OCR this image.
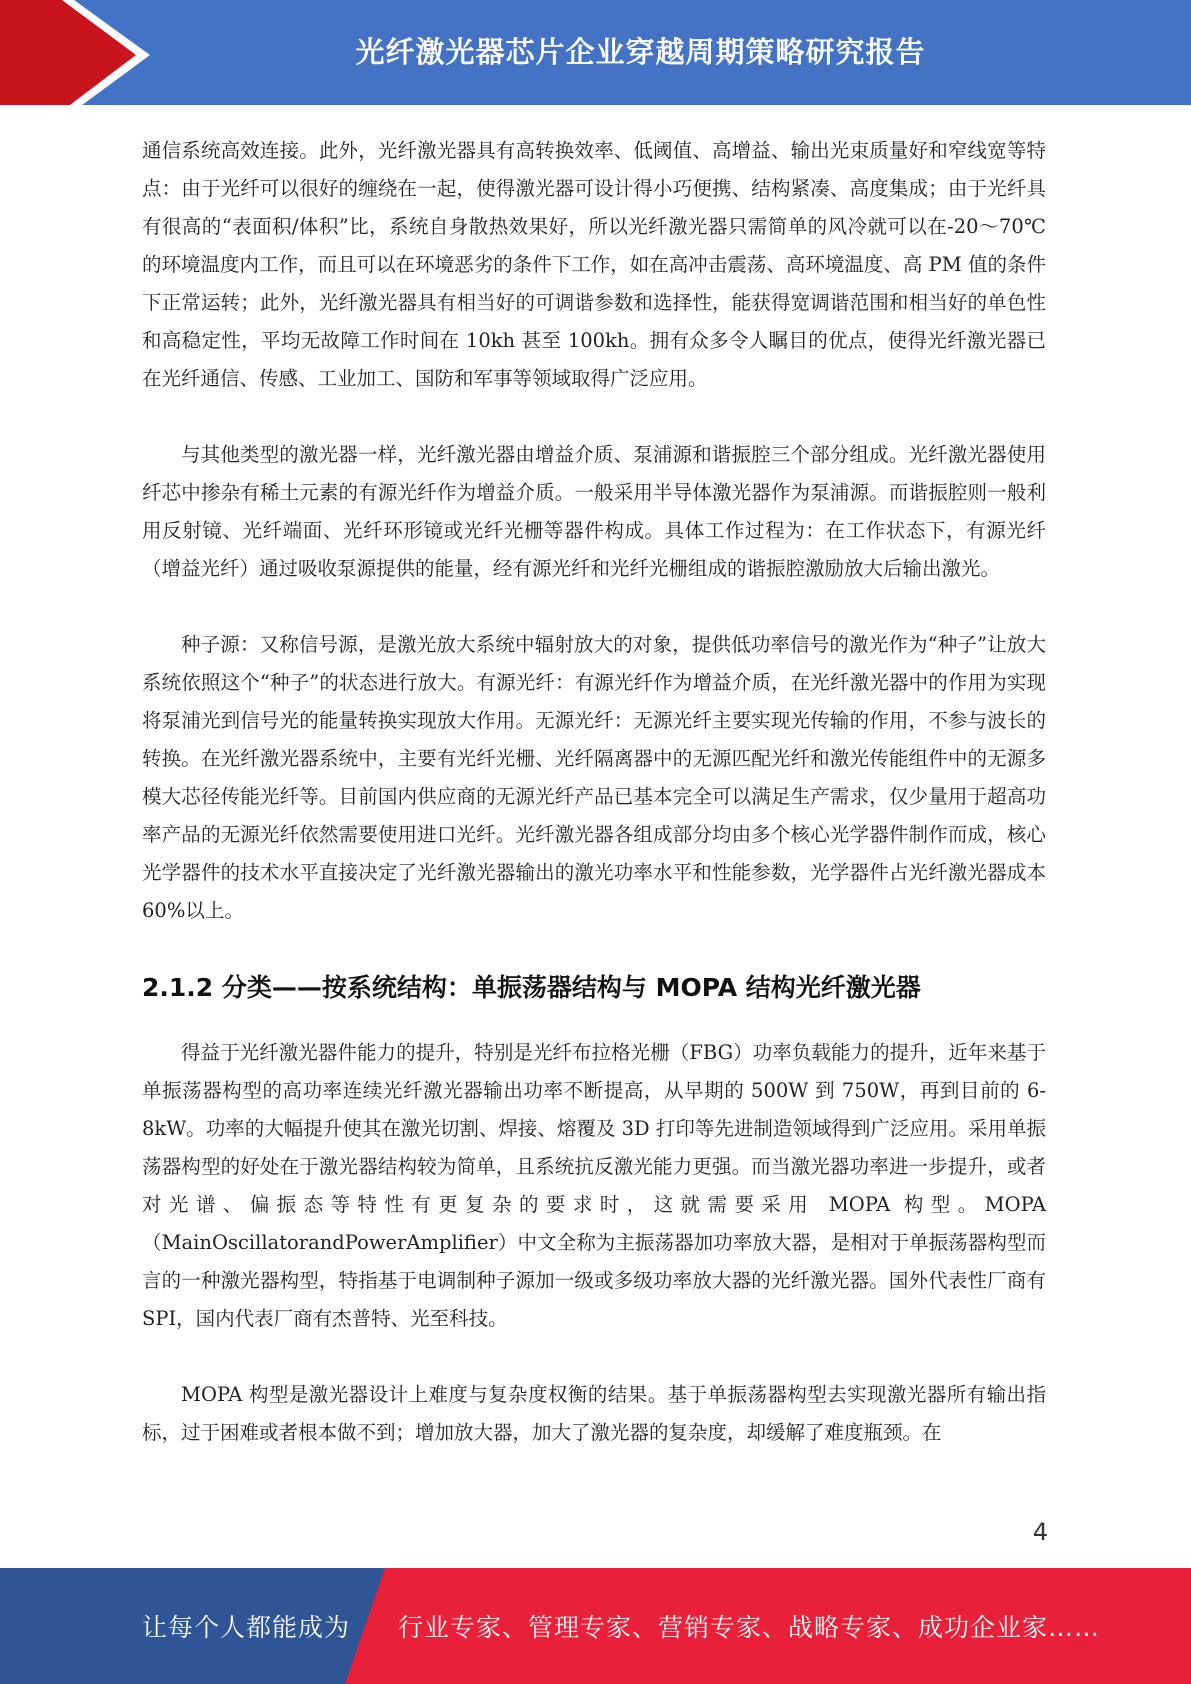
光纤激光器芯片企业穿越周期策略研究报告

通信系统高效连接。此外，光纤激光器具有高转换效率、低阈值、高增益、输出光束质量好和窄线宽等特点：由于光纤可以很好的缠绕在一起，使得激光器可设计得小巧便携、结构紧凑、高度集成；由于光纤具有很高的“表面积/体积”比，系统自身散热效果好，所以光纤激光器只需简单的风冷就可以在-20～70℃的环境温度内工作，而且可以在环境恶劣的条件下工作，如在高冲击震荡、高环境温度、高 PM 值的条件下正常运转；此外，光纤激光器具有相当好的可调谐参数和选择性，能获得宽调谐范围和相当好的单色性和高稳定性，平均无故障工作时间在 10kh 甚至 100kh。拥有众多令人瞩目的优点，使得光纤激光器已在光纤通信、传感、工业加工、国防和军事等领域取得广泛应用。

与其他类型的激光器一样，光纤激光器由增益介质、泵浦源和谐振腔三个部分组成。光纤激光器使用纤芯中掺杂有稀土元素的有源光纤作为增益介质。一般采用半导体激光器作为泵浦源。而谐振腔则一般利用反射镜、光纤端面、光纤环形镜或光纤光栅等器件构成。具体工作过程为：在工作状态下，有源光纤（增益光纤）通过吸收泵源提供的能量，经有源光纤和光纤光栅组成的谐振腔激励放大后输出激光。

种子源：又称信号源，是激光放大系统中辐射放大的对象，提供低功率信号的激光作为“种子”让放大系统依照这个“种子”的状态进行放大。有源光纤：有源光纤作为增益介质，在光纤激光器中的作用为实现将泵浦光到信号光的能量转换实现放大作用。无源光纤：无源光纤主要实现光传输的作用，不参与波长的转换。在光纤激光器系统中，主要有光纤光栅、光纤隔离器中的无源匹配光纤和激光传能组件中的无源多模大芯径传能光纤等。目前国内供应商的无源光纤产品已基本完全可以满足生产需求，仅少量用于超高功率产品的无源光纤依然需要使用进口光纤。光纤激光器各组成部分均由多个核心光学器件制作而成，核心光学器件的技术水平直接决定了光纤激光器输出的激光功率水平和性能参数，光学器件占光纤激光器成本 60%以上。

2.1.2 分类——按系统结构：单振荡器结构与 MOPA 结构光纤激光器

得益于光纤激光器件能力的提升，特别是光纤布拉格光栅（FBG）功率负载能力的提升，近年来基于单振荡器构型的高功率连续光纤激光器输出功率不断提高，从早期的 500W 到 750W，再到目前的 6-8kW。功率的大幅提升使其在激光切割、焊接、熔覆及 3D 打印等先进制造领域得到广泛应用。采用单振荡器构型的好处在于激光器结构较为简单，且系统抗反激光能力更强。而当激光器功率进一步提升，或者对光谱、偏振态等特性有更复杂的要求时，这就需要采用 MOPA 构型。MOPA（MainOscillatorandPowerAmplifier）中文全称为主振荡器加功率放大器，是相对于单振荡器构型而言的一种激光器构型，特指基于电调制种子源加一级或多级功率放大器的光纤激光器。国外代表性厂商有 SPI，国内代表厂商有杰普特、光至科技。

MOPA 构型是激光器设计上难度与复杂度权衡的结果。基于单振荡器构型去实现激光器所有输出指标，过于困难或者根本做不到；增加放大器，加大了激光器的复杂度，却缓解了难度瓶颈。在

4
让每个人都能成为 行业专家、管理专家、营销专家、战略专家、成功企业家……
